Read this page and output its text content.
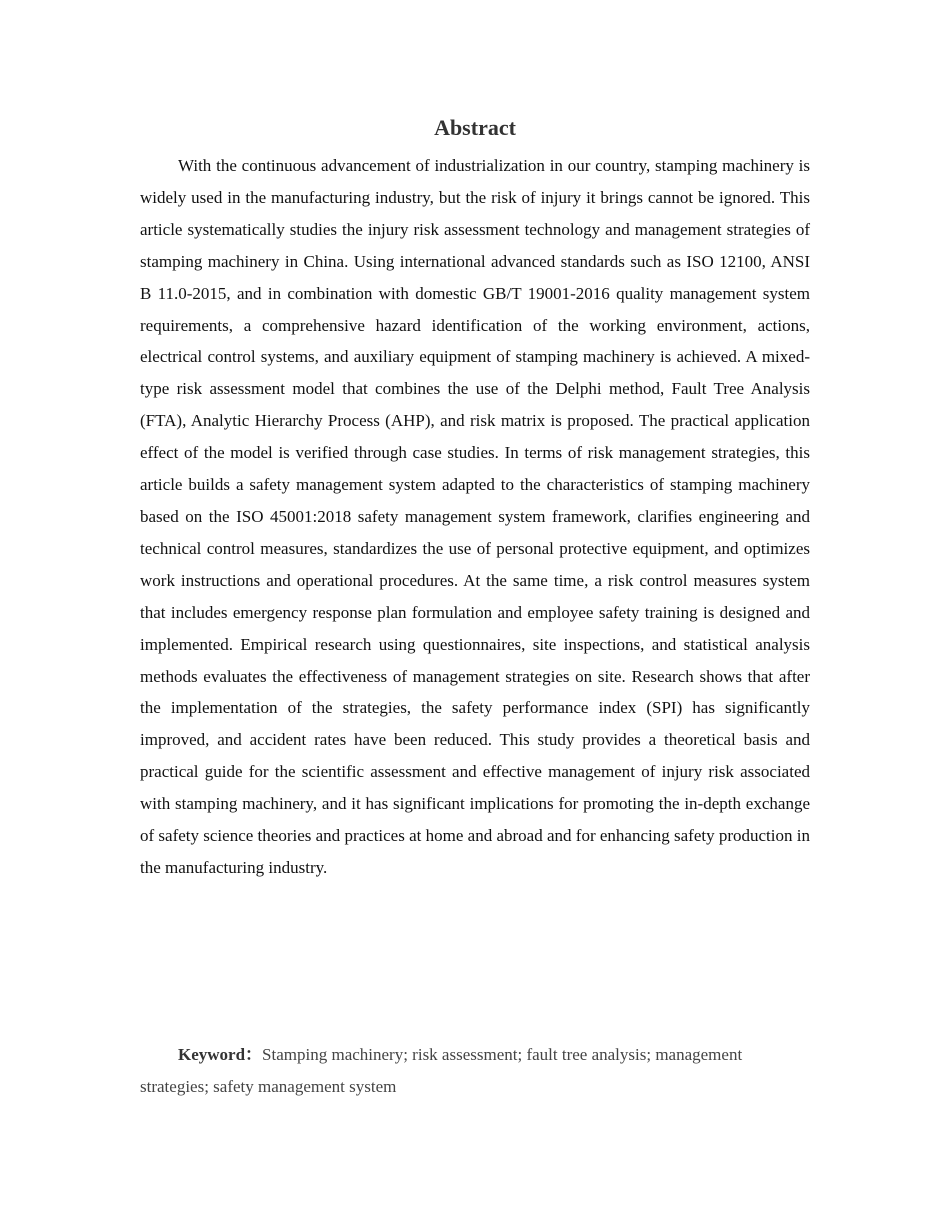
Abstract

With the continuous advancement of industrialization in our country, stamping machinery is widely used in the manufacturing industry, but the risk of injury it brings cannot be ignored. This article systematically studies the injury risk assessment technology and management strategies of stamping machinery in China. Using international advanced standards such as ISO 12100, ANSI B 11.0-2015, and in combination with domestic GB/T 19001-2016 quality management system requirements, a comprehensive hazard identification of the working environment, actions, electrical control systems, and auxiliary equipment of stamping machinery is achieved. A mixed- type risk assessment model that combines the use of the Delphi method, Fault Tree Analysis (FTA), Analytic Hierarchy Process (AHP), and risk matrix is proposed. The practical application effect of the model is verified through case studies. In terms of risk management strategies, this article builds a safety management system adapted to the characteristics of stamping machinery based on the ISO 45001:2018 safety management system framework, clarifies engineering and technical control measures, standardizes the use of personal protective equipment, and optimizes work instructions and operational procedures. At the same time, a risk control measures system that includes emergency response plan formulation and employee safety training is designed and implemented. Empirical research using questionnaires, site inspections, and statistical analysis methods evaluates the effectiveness of management strategies on site. Research shows that after the implementation of the strategies, the safety performance index (SPI) has significantly improved, and accident rates have been reduced. This study provides a theoretical basis and practical guide for the scientific assessment and effective management of injury risk associated with stamping machinery, and it has significant implications for promoting the in-depth exchange of safety science theories and practices at home and abroad and for enhancing safety production in the manufacturing industry.

Keyword：Stamping machinery; risk assessment; fault tree analysis; management strategies; safety management system
